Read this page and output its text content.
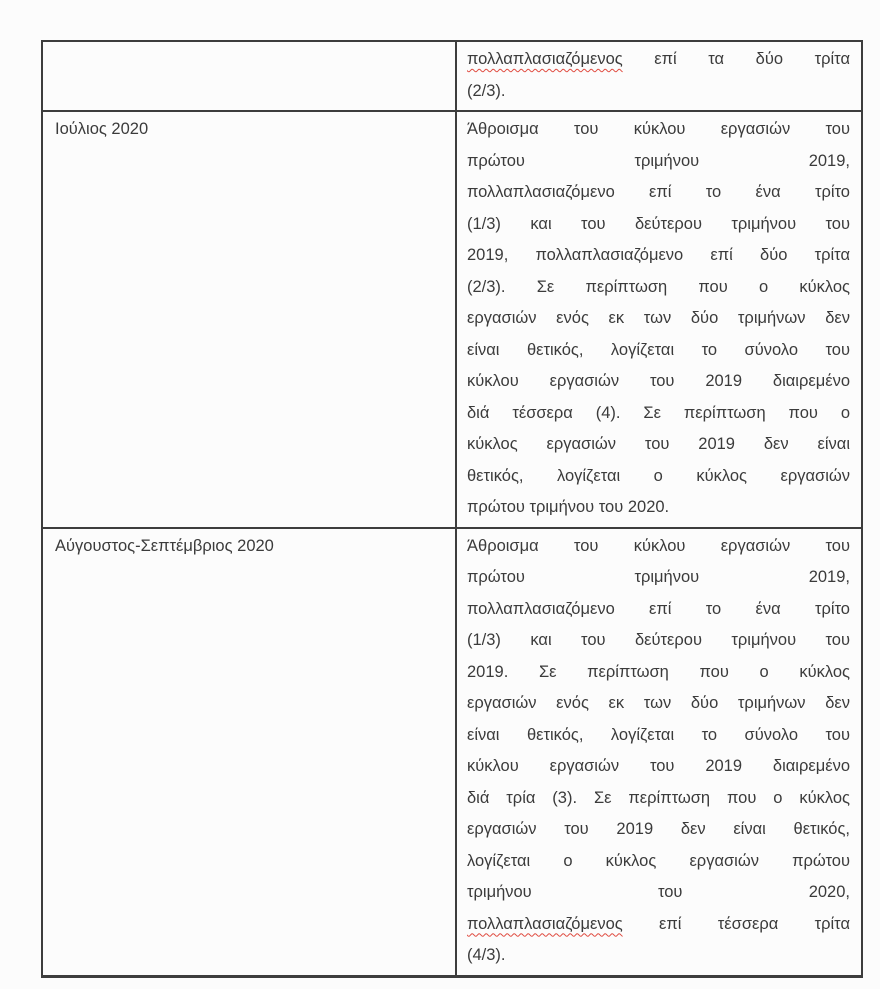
	πολλαπλασιαζόμενος επί τα δύο τρίτα
(2/3).

Ιούλιος 2020	Άθροισμα του κύκλου εργασιών του
πρώτου τριμήνου 2019,
πολλαπλασιαζόμενο επί το ένα τρίτο
(1/3) και του δεύτερου τριμήνου του
2019, πολλαπλασιαζόμενο επί δύο τρίτα
(2/3). Σε περίπτωση που ο κύκλος
εργασιών ενός εκ των δύο τριμήνων δεν
είναι θετικός, λογίζεται το σύνολο του
κύκλου εργασιών του 2019 διαιρεμένο
διά τέσσερα (4). Σε περίπτωση που ο
κύκλος εργασιών του 2019 δεν είναι
θετικός, λογίζεται ο κύκλος εργασιών
πρώτου τριμήνου του 2020.

Αύγουστος-Σεπτέμβριος 2020	Άθροισμα του κύκλου εργασιών του
πρώτου τριμήνου 2019,
πολλαπλασιαζόμενο επί το ένα τρίτο
(1/3) και του δεύτερου τριμήνου του
2019. Σε περίπτωση που ο κύκλος
εργασιών ενός εκ των δύο τριμήνων δεν
είναι θετικός, λογίζεται το σύνολο του
κύκλου εργασιών του 2019 διαιρεμένο
διά τρία (3). Σε περίπτωση που ο κύκλος
εργασιών του 2019 δεν είναι θετικός,
λογίζεται ο κύκλος εργασιών πρώτου
τριμήνου του 2020,
πολλαπλασιαζόμενος επί τέσσερα τρίτα
(4/3).
